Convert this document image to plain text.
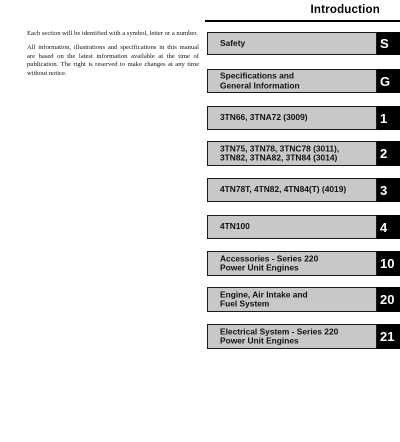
Introduction

Each section will be identified with a symbol, letter or a number.

All information, illustrations and specifications in this manual are based on the latest information available at the time of publication. The right is reserved to make changes at any time without notice.

Safety	S
Specifications and
General Information	G
3TN66, 3TNA72 (3009)	1
3TN75, 3TN78, 3TNC78 (3011),
3TN82, 3TNA82, 3TN84 (3014)	2
4TN78T, 4TN82, 4TN84(T) (4019)	3
4TN100	4
Accessories - Series 220
Power Unit Engines	10
Engine, Air Intake and
Fuel System	20
Electrical System - Series 220
Power Unit Engines	21
